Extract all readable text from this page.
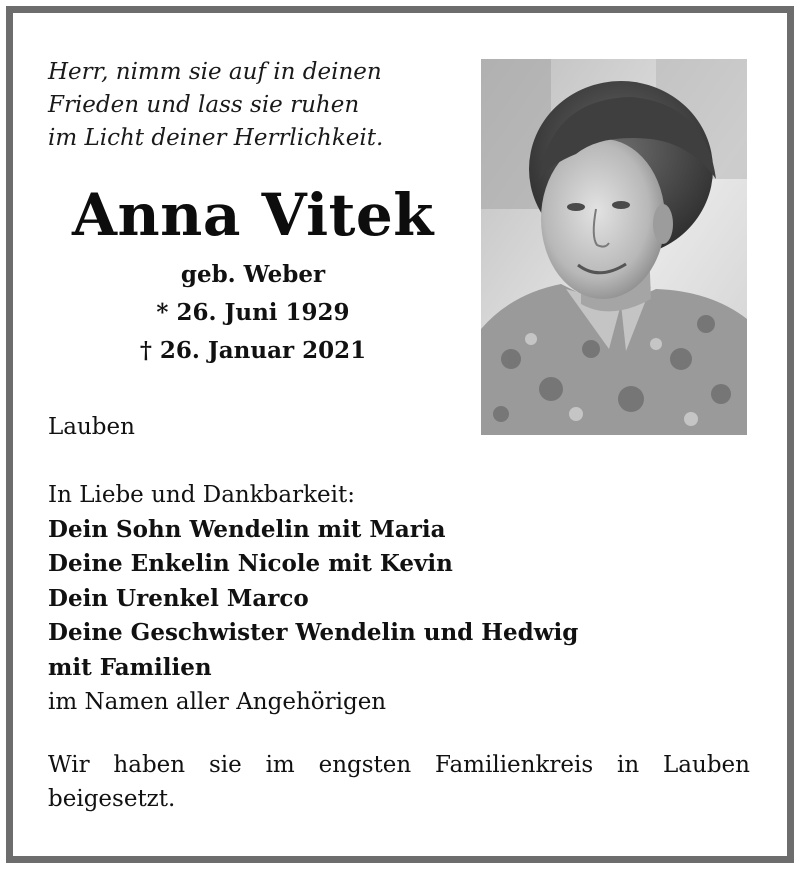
Herr, nimm sie auf in deinen
Frieden und lass sie ruhen
im Licht deiner Herrlichkeit.
Anna Vitek
geb. Weber
* 26. Juni 1929
† 26. Januar 2021
Lauben
In Liebe und Dankbarkeit:
Dein Sohn Wendelin mit Maria
Deine Enkelin Nicole mit Kevin
Dein Urenkel Marco
Deine Geschwister Wendelin und Hedwig
mit Familien
im Namen aller Angehörigen
Wir haben sie im engsten Familienkreis in Lauben beigesetzt.
